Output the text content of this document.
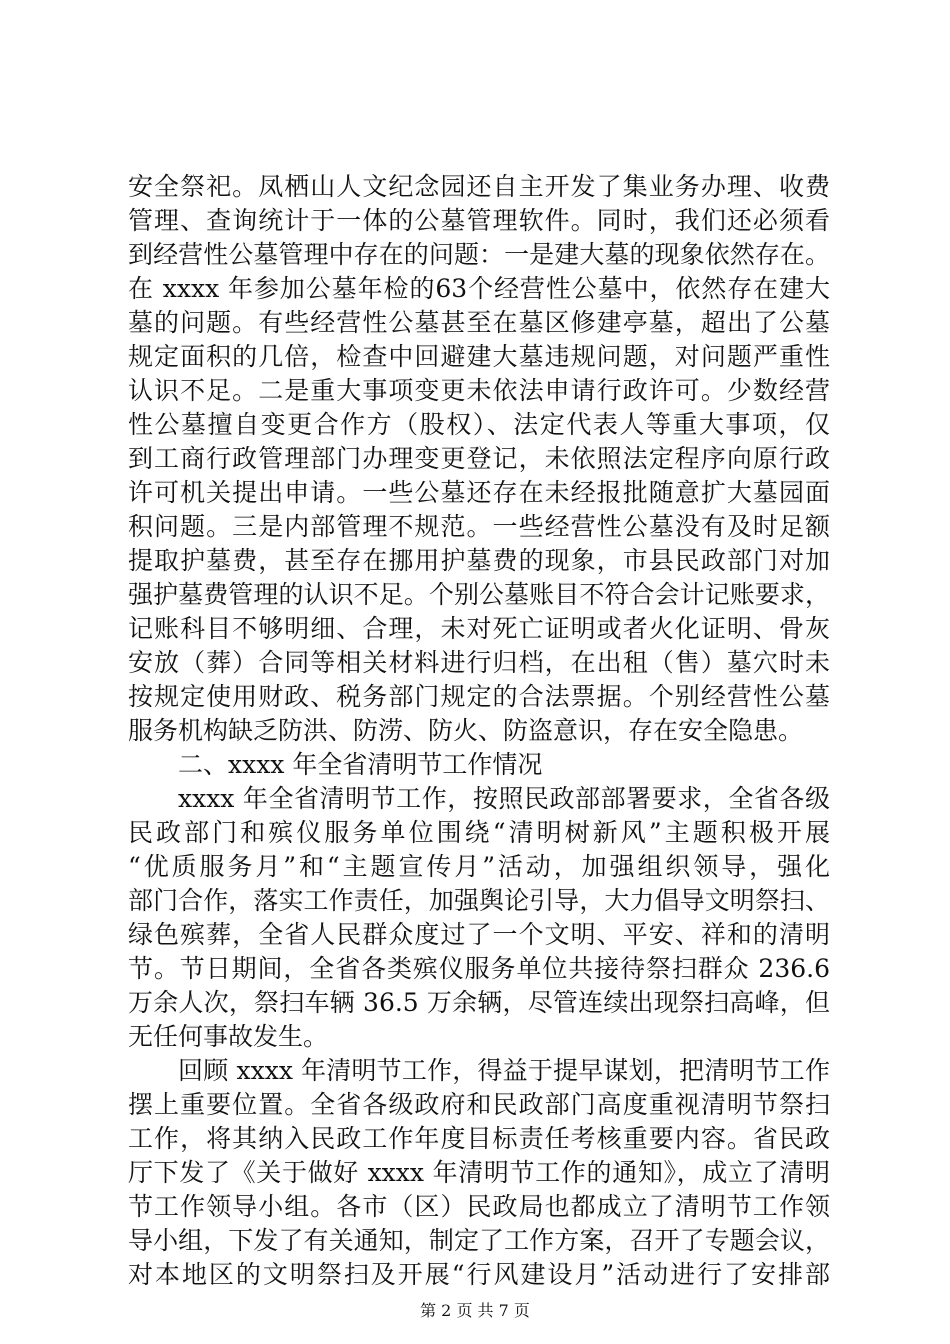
安全祭祀。凤栖山人文纪念园还自主开发了集业务办理、收费
管理、查询统计于一体的公墓管理软件。同时，我们还必须看
到经营性公墓管理中存在的问题：一是建大墓的现象依然存在。
在 xxxx 年参加公墓年检的63个经营性公墓中，依然存在建大
墓的问题。有些经营性公墓甚至在墓区修建亭墓，超出了公墓
规定面积的几倍，检查中回避建大墓违规问题，对问题严重性
认识不足。二是重大事项变更未依法申请行政许可。少数经营
性公墓擅自变更合作方（股权）、法定代表人等重大事项，仅
到工商行政管理部门办理变更登记，未依照法定程序向原行政
许可机关提出申请。一些公墓还存在未经报批随意扩大墓园面
积问题。三是内部管理不规范。一些经营性公墓没有及时足额
提取护墓费，甚至存在挪用护墓费的现象，市县民政部门对加
强护墓费管理的认识不足。个别公墓账目不符合会计记账要求，
记账科目不够明细、合理，未对死亡证明或者火化证明、骨灰
安放（葬）合同等相关材料进行归档，在出租（售）墓穴时未
按规定使用财政、税务部门规定的合法票据。个别经营性公墓
服务机构缺乏防洪、防涝、防火、防盗意识，存在安全隐患。
二、xxxx 年全省清明节工作情况
xxxx 年全省清明节工作，按照民政部部署要求，全省各级
民政部门和殡仪服务单位围绕“清明树新风”主题积极开展
“优质服务月”和“主题宣传月”活动，加强组织领导，强化
部门合作，落实工作责任，加强舆论引导，大力倡导文明祭扫、
绿色殡葬，全省人民群众度过了一个文明、平安、祥和的清明
节。节日期间，全省各类殡仪服务单位共接待祭扫群众 236.6
万余人次，祭扫车辆 36.5 万余辆，尽管连续出现祭扫高峰，但
无任何事故发生。
回顾 xxxx 年清明节工作，得益于提早谋划，把清明节工作
摆上重要位置。全省各级政府和民政部门高度重视清明节祭扫
工作，将其纳入民政工作年度目标责任考核重要内容。省民政
厅下发了《关于做好 xxxx 年清明节工作的通知》，成立了清明
节工作领导小组。各市（区）民政局也都成立了清明节工作领
导小组，下发了有关通知，制定了工作方案，召开了专题会议，
对本地区的文明祭扫及开展“行风建设月”活动进行了安排部
第 2 页 共 7 页
